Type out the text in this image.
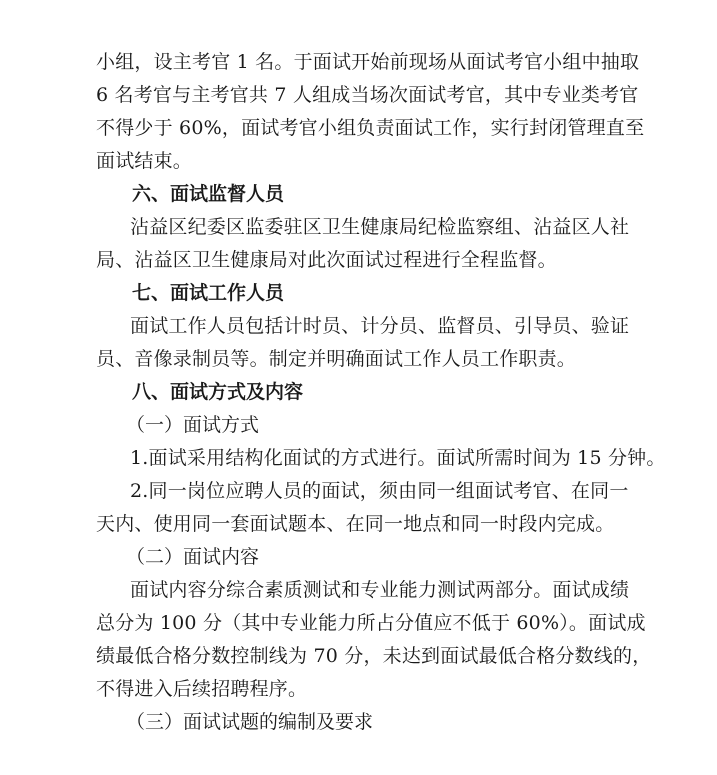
小组，设主考官 1 名。于面试开始前现场从面试考官小组中抽取
6 名考官与主考官共 7 人组成当场次面试考官，其中专业类考官
不得少于 60%，面试考官小组负责面试工作，实行封闭管理直至
面试结束。
六、面试监督人员
沾益区纪委区监委驻区卫生健康局纪检监察组、沾益区人社
局、沾益区卫生健康局对此次面试过程进行全程监督。
七、面试工作人员
面试工作人员包括计时员、计分员、监督员、引导员、验证
员、音像录制员等。制定并明确面试工作人员工作职责。
八、面试方式及内容
（一）面试方式
1.面试采用结构化面试的方式进行。面试所需时间为 15 分钟。
2.同一岗位应聘人员的面试，须由同一组面试考官、在同一
天内、使用同一套面试题本、在同一地点和同一时段内完成。
（二）面试内容
面试内容分综合素质测试和专业能力测试两部分。面试成绩
总分为 100 分（其中专业能力所占分值应不低于 60%）。面试成
绩最低合格分数控制线为 70 分，未达到面试最低合格分数线的，
不得进入后续招聘程序。
（三）面试试题的编制及要求
